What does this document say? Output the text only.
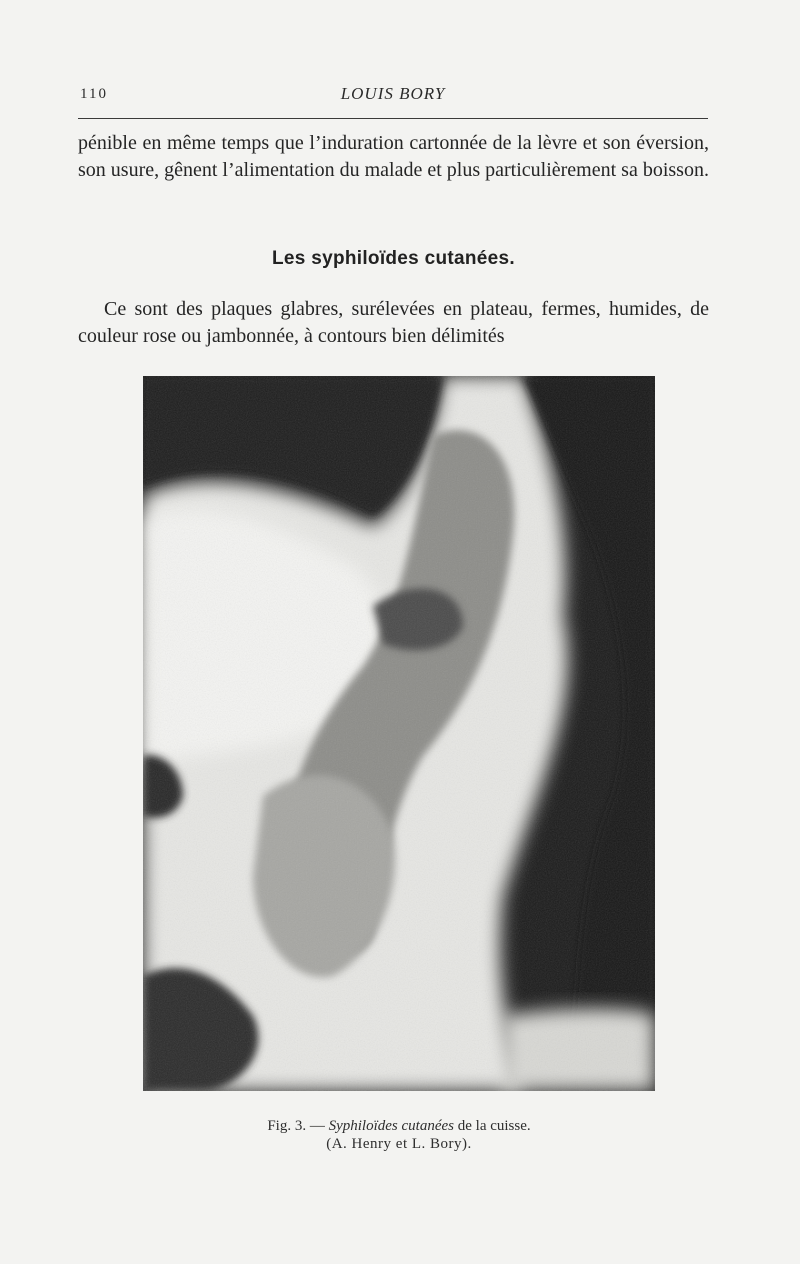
110	LOUIS BORY

pénible en même temps que l’induration cartonnée de la lèvre et son éversion, son usure, gênent l’alimentation du malade et plus particulièrement sa boisson.

Les syphiloïdes cutanées.

Ce sont des plaques glabres, surélevées en plateau, fermes, humides, de couleur rose ou jambonnée, à contours bien délimités

Fig. 3. — Syphiloïdes cutanées de la cuisse.
(A. Henry et L. Bory).
